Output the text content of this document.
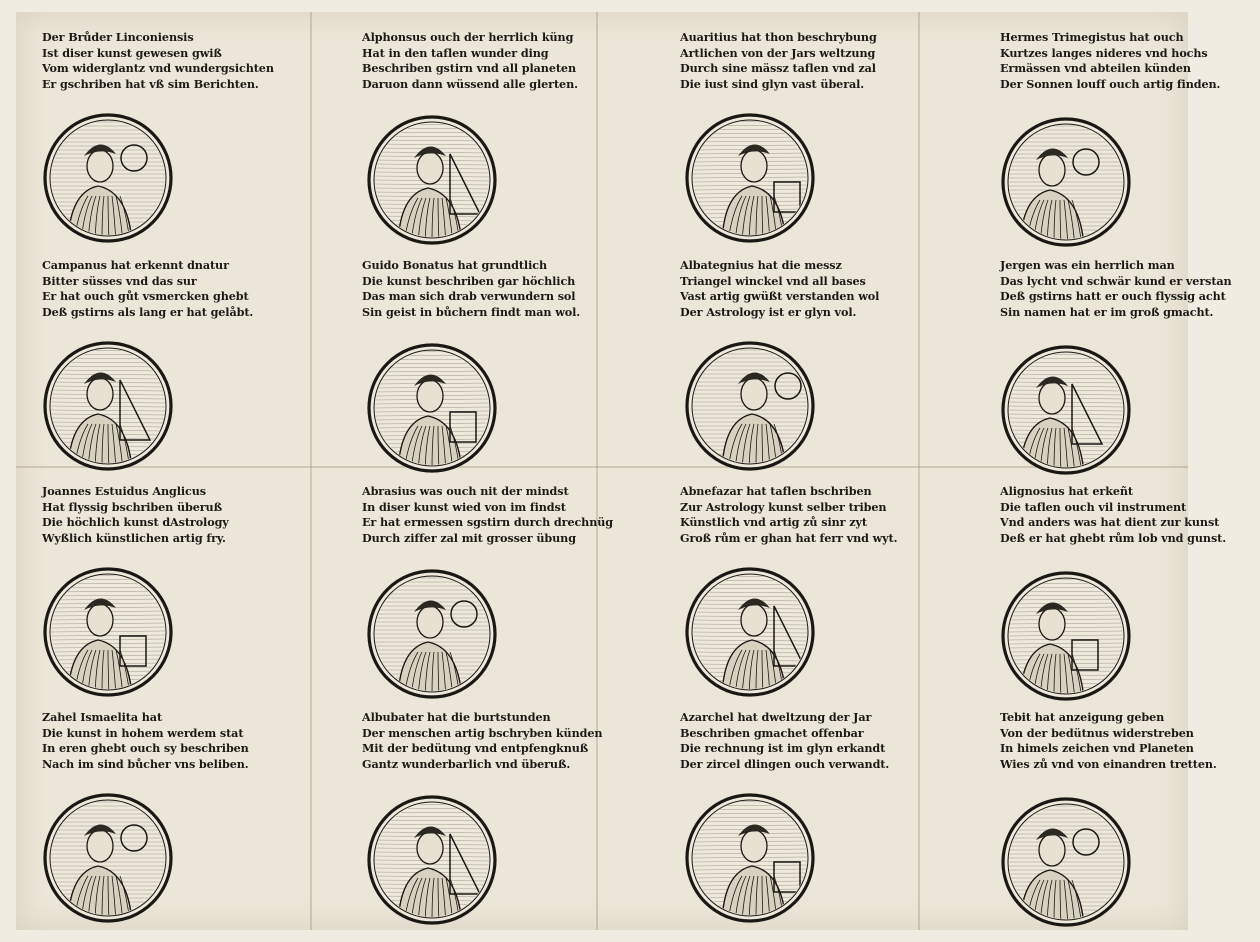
Der Brůder Linconiensis
Ist diser kunst gewesen gwiß
Vom widerglantz vnd wundergsichten
Er gschriben hat vß sim Berichten.
Alphonsus ouch der herrlich küng
Hat in den taflen wunder ding
Beschriben gstirn vnd all planeten
Daruon dann wüssend alle glerten.
Auaritius hat thon beschrybung
Artlichen von der Jars weltzung
Durch sine mässz taflen vnd zal
Die iust sind glyn vast überal.
Hermes Trimegistus hat ouch
Kurtzes langes nideres vnd hochs
Ermässen vnd abteilen künden
Der Sonnen louff ouch artig finden.
Campanus hat erkennt dnatur
Bitter süsses vnd das sur
Er hat ouch gůt vsmercken ghebt
Deß gstirns als lang er hat gelåbt.
Guido Bonatus hat grundtlich
Die kunst beschriben gar höchlich
Das man sich drab verwundern sol
Sin geist in bůchern findt man wol.
Albategnius hat die messz
Triangel winckel vnd all bases
Vast artig gwüßt verstanden wol
Der Astrology ist er glyn vol.
Jergen was ein herrlich man
Das lycht vnd schwär kund er verstan
Deß gstirns hatt er ouch flyssig acht
Sin namen hat er im groß gmacht.
Joannes Estuidus Anglicus
Hat flyssig bschriben überuß
Die höchlich kunst dAstrology
Wyßlich künstlichen artig fry.
Abrasius was ouch nit der mindst
In diser kunst wied von im findst
Er hat ermessen sgstirn durch drechnüg
Durch ziffer zal mit grosser übung
Abnefazar hat taflen bschriben
Zur Astrology kunst selber triben
Künstlich vnd artig zů sinr zyt
Groß rům er ghan hat ferr vnd wyt.
Alignosius hat erkeñt
Die taflen ouch vil instrument
Vnd anders was hat dient zur kunst
Deß er hat ghebt rům lob vnd gunst.
Zahel Ismaelita hat
Die kunst in hohem werdem stat
In eren ghebt ouch sy beschriben
Nach im sind bůcher vns beliben.
Albubater hat die burtstunden
Der menschen artig bschryben künden
Mit der bedütung vnd entpfengknuß
Gantz wunderbarlich vnd überuß.
Azarchel hat dweltzung der Jar
Beschriben gmachet offenbar
Die rechnung ist im glyn erkandt
Der zircel dlingen ouch verwandt.
Tebit hat anzeigung geben
Von der bedütnus widerstreben
In himels zeichen vnd Planeten
Wies zů vnd von einandren tretten.
